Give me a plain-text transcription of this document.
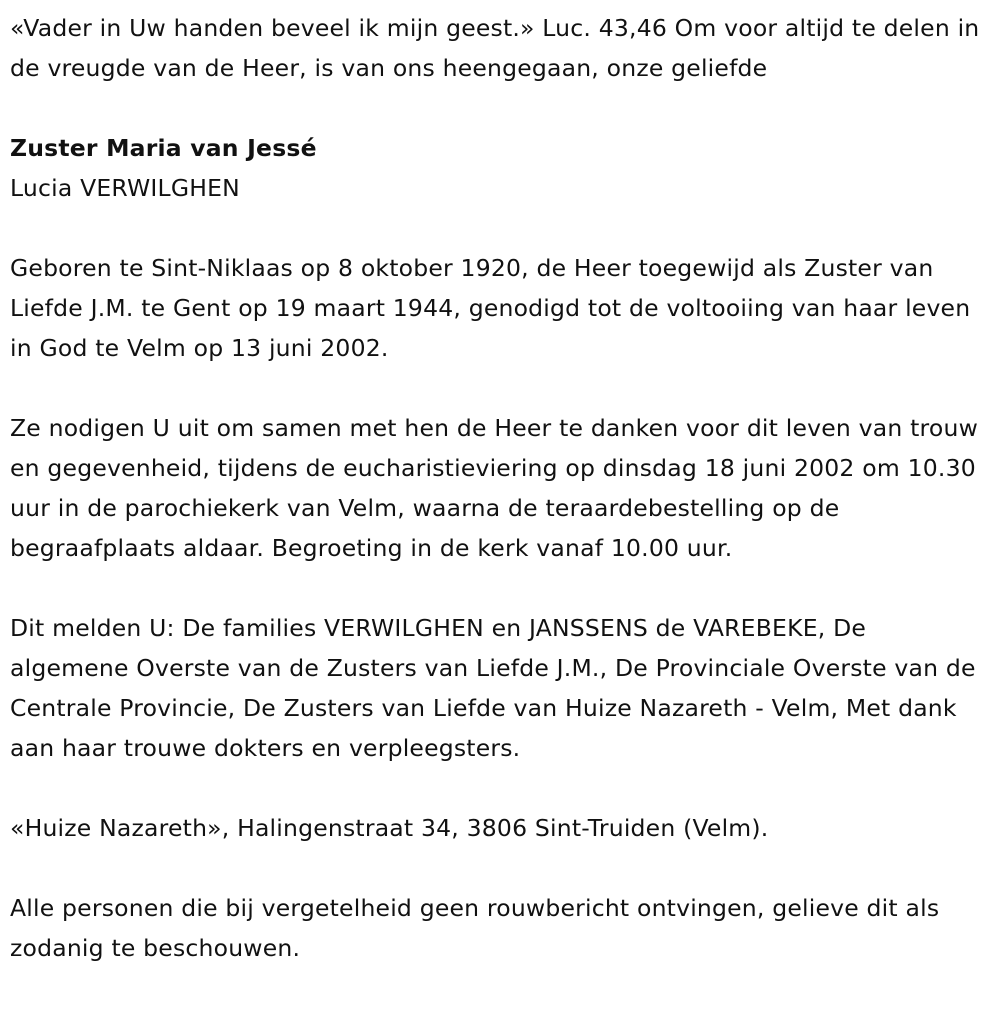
«Vader in Uw handen beveel ik mijn geest.» Luc. 43,46 Om voor altijd te delen in de vreugde van de Heer, is van ons heengegaan, onze geliefde

Zuster Maria van Jessé

Lucia VERWILGHEN

Geboren te Sint-Niklaas op 8 oktober 1920, de Heer toegewijd als Zuster van Liefde J.M. te Gent op 19 maart 1944, genodigd tot de voltooiing van haar leven in God te Velm op 13 juni 2002.

Ze nodigen U uit om samen met hen de Heer te danken voor dit leven van trouw en gegevenheid, tijdens de eucharistieviering op dinsdag 18 juni 2002 om 10.30 uur in de parochiekerk van Velm, waarna de teraardebestelling op de begraafplaats aldaar. Begroeting in de kerk vanaf 10.00 uur.

Dit melden U: De families VERWILGHEN en JANSSENS de VAREBEKE, De algemene Overste van de Zusters van Liefde J.M., De Provinciale Overste van de Centrale Provincie, De Zusters van Liefde van Huize Nazareth - Velm, Met dank aan haar trouwe dokters en verpleegsters.

«Huize Nazareth», Halingenstraat 34, 3806 Sint-Truiden (Velm).

Alle personen die bij vergetelheid geen rouwbericht ontvingen, gelieve dit als zodanig te beschouwen.
